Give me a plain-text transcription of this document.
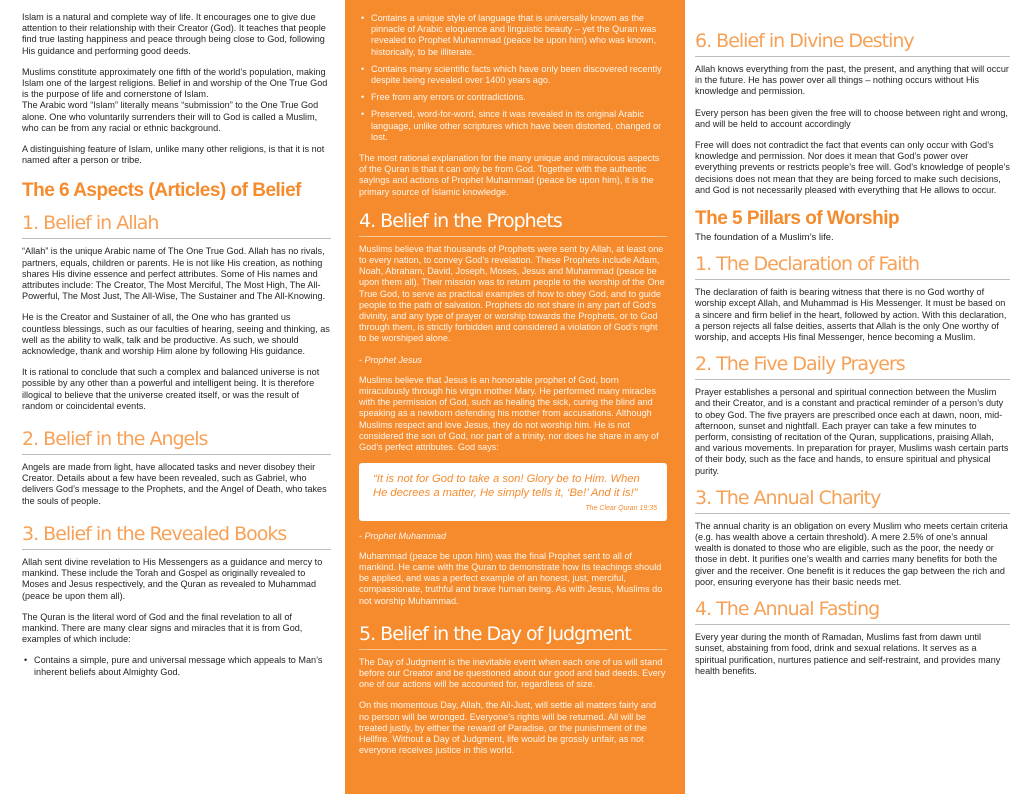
Islam is a natural and complete way of life. It encourages one to give due attention to their relationship with their Creator (God). It teaches that people find true lasting happiness and peace through being close to God, following His guidance and performing good deeds.

Muslims constitute approximately one fifth of the world’s population, making Islam one of the largest religions. Belief in and worship of the One True God is the purpose of life and cornerstone of Islam.
The Arabic word “Islam” literally means “submission” to the One True God alone. One who voluntarily surrenders their will to God is called a Muslim, who can be from any racial or ethnic background.

A distinguishing feature of Islam, unlike many other religions, is that it is not named after a person or tribe.

The 6 Aspects (Articles) of Belief
1. Belief in Allah

“Allah” is the unique Arabic name of The One True God. Allah has no rivals, partners, equals, children or parents. He is not like His creation, as nothing shares His divine essence and perfect attributes. Some of His names and attributes include: The Creator, The Most Merciful, The Most High, The All-Powerful, The Most Just, The All-Wise, The Sustainer and The All-Knowing.

He is the Creator and Sustainer of all, the One who has granted us countless blessings, such as our faculties of hearing, seeing and thinking, as well as the ability to walk, talk and be productive. As such, we should acknowledge, thank and worship Him alone by following His guidance.

It is rational to conclude that such a complex and balanced universe is not possible by any other than a powerful and intelligent being. It is therefore illogical to believe that the universe created itself, or was the result of random or coincidental events.

2. Belief in the Angels

Angels are made from light, have allocated tasks and never disobey their Creator. Details about a few have been revealed, such as Gabriel, who delivers God’s message to the Prophets, and the Angel of Death, who takes the souls of people.

3. Belief in the Revealed Books

Allah sent divine revelation to His Messengers as a guidance and mercy to mankind. These include the Torah and Gospel as originally revealed to Moses and Jesus respectively, and the Quran as revealed to Muhammad (peace be upon them all).

The Quran is the literal word of God and the final revelation to all of mankind. There are many clear signs and miracles that it is from God, examples of which include:

• Contains a simple, pure and universal message which appeals to Man’s inherent beliefs about Almighty God.
• Contains a unique style of language that is universally known as the pinnacle of Arabic eloquence and linguistic beauty – yet the Quran was revealed to Prophet Muhammad (peace be upon him) who was known, historically, to be illiterate.
• Contains many scientific facts which have only been discovered recently despite being revealed over 1400 years ago.
• Free from any errors or contradictions.
• Preserved, word-for-word, since it was revealed in its original Arabic language, unlike other scriptures which have been distorted, changed or lost.

The most rational explanation for the many unique and miraculous aspects of the Quran is that it can only be from God. Together with the authentic sayings and actions of Prophet Muhammad (peace be upon him), it is the primary source of Islamic knowledge.

4. Belief in the Prophets

Muslims believe that thousands of Prophets were sent by Allah, at least one to every nation, to convey God’s revelation. These Prophets include Adam, Noah, Abraham, David, Joseph, Moses, Jesus and Muhammad (peace be upon them all). Their mission was to return people to the worship of the One True God, to serve as practical examples of how to obey God, and to guide people to the path of salvation. Prophets do not share in any part of God’s divinity, and any type of prayer or worship towards the Prophets, or to God through them, is strictly forbidden and considered a violation of God’s right to be worshiped alone.

- Prophet Jesus

Muslims believe that Jesus is an honorable prophet of God, born miraculously through his virgin mother Mary. He performed many miracles with the permission of God, such as healing the sick, curing the blind and speaking as a newborn defending his mother from accusations. Although Muslims respect and love Jesus, they do not worship him. He is not considered the son of God, nor part of a trinity, nor does he share in any of God’s perfect attributes. God says:

“It is not for God to take a son! Glory be to Him. When He decrees a matter, He simply tells it, ‘Be!’ And it is!”

The Clear Quran 19:35

- Prophet Muhammad

Muhammad (peace be upon him) was the final Prophet sent to all of mankind. He came with the Quran to demonstrate how its teachings should be applied, and was a perfect example of an honest, just, merciful, compassionate, truthful and brave human being. As with Jesus, Muslims do not worship Muhammad.

5. Belief in the Day of Judgment

The Day of Judgment is the inevitable event when each one of us will stand before our Creator and be questioned about our good and bad deeds. Every one of our actions will be accounted for, regardless of size.

On this momentous Day, Allah, the All-Just, will settle all matters fairly and no person will be wronged. Everyone’s rights will be returned. All will be treated justly, by either the reward of Paradise, or the punishment of the Hellfire. Without a Day of Judgment, life would be grossly unfair, as not everyone receives justice in this world.

6. Belief in Divine Destiny

Allah knows everything from the past, the present, and anything that will occur in the future. He has power over all things – nothing occurs without His knowledge and permission.

Every person has been given the free will to choose between right and wrong, and will be held to account accordingly

Free will does not contradict the fact that events can only occur with God’s knowledge and permission. Nor does it mean that God’s power over everything prevents or restricts people’s free will. God’s knowledge of people’s decisions does not mean that they are being forced to make such decisions, and God is not necessarily pleased with everything that He allows to occur.

The 5 Pillars of Worship

The foundation of a Muslim’s life.

1. The Declaration of Faith

The declaration of faith is bearing witness that there is no God worthy of worship except Allah, and Muhammad is His Messenger. It must be based on a sincere and firm belief in the heart, followed by action. With this declaration, a person rejects all false deities, asserts that Allah is the only One worthy of worship, and accepts His final Messenger, hence becoming a Muslim.

2. The Five Daily Prayers

Prayer establishes a personal and spiritual connection between the Muslim and their Creator, and is a constant and practical reminder of a person’s duty to obey God. The five prayers are prescribed once each at dawn, noon, mid-afternoon, sunset and nightfall. Each prayer can take a few minutes to perform, consisting of recitation of the Quran, supplications, praising Allah, and various movements. In preparation for prayer, Muslims wash certain parts of their body, such as the face and hands, to ensure spiritual and physical purity.

3. The Annual Charity

The annual charity is an obligation on every Muslim who meets certain criteria (e.g. has wealth above a certain threshold). A mere 2.5% of one’s annual wealth is donated to those who are eligible, such as the poor, the needy or those in debt. It purifies one’s wealth and carries many benefits for both the giver and the receiver. One benefit is it reduces the gap between the rich and poor, ensuring everyone has their basic needs met.

4. The Annual Fasting

Every year during the month of Ramadan, Muslims fast from dawn until sunset, abstaining from food, drink and sexual relations. It serves as a spiritual purification, nurtures patience and self-restraint, and provides many health benefits.
